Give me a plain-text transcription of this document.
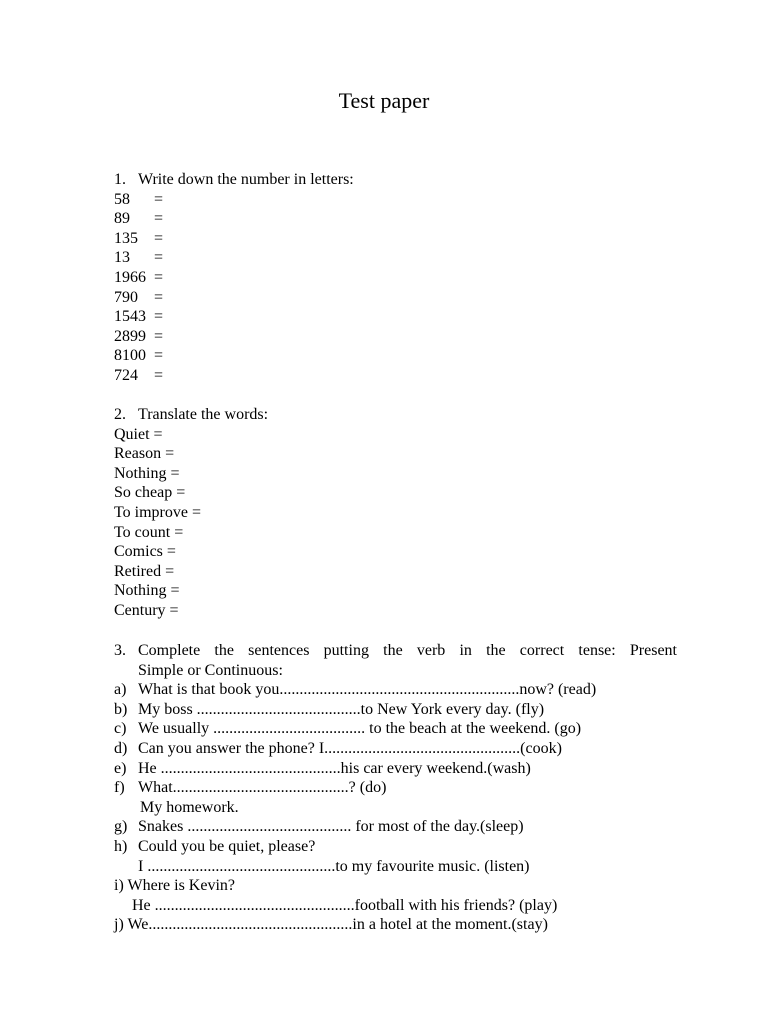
Test paper
1. Write down the number in letters:
58	=
89	=
135	=
13	=
1966 =
790	=
1543 =
2899 =
8100 =
724	=
2. Translate the words:
Quiet =
Reason =
Nothing =
So cheap =
To improve =
To count =
Comics =
Retired =
Nothing =
Century =
3. Complete the sentences putting the verb in the correct tense: Present
Simple or Continuous:
a) What is that book you............................................................now? (read)
b) My boss .........................................to New York every day. (fly)
c) We usually ...................................... to the beach at the weekend. (go)
d) Can you answer the phone? I.................................................(cook)
e) He .............................................his car every weekend.(wash)
f) What............................................? (do)
My homework.
g) Snakes ......................................... for most of the day.(sleep)
h) Could you be quiet, please?
I ...............................................to my favourite music. (listen)
i) Where is Kevin?
He ..................................................football with his friends? (play)
j) We...................................................in a hotel at the moment.(stay)
